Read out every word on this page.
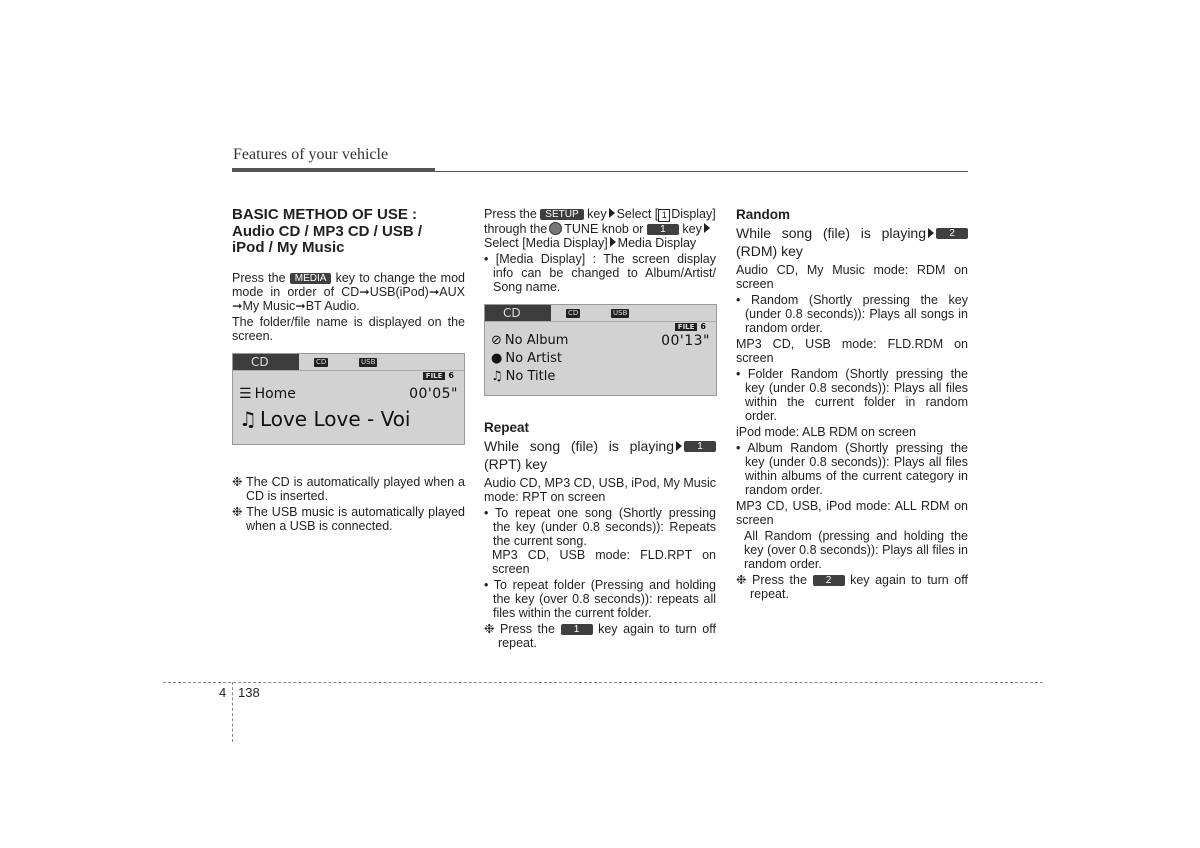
Features of your vehicle
BASIC METHOD OF USE :
Audio CD / MP3 CD / USB /
iPod / My Music

Press the MEDIA key to change the mod mode in order of CD➞USB(iPod)➞AUX ➞My Music➞BT Audio.

The folder/file name is displayed on the screen.

CD	CD	USB
FILE 6
00'05"
☰ Home
♫ Love Love - Voi

❉ The CD is automatically played when a CD is inserted.

❉ The USB music is automatically played when a USB is connected.

Press the SETUP key Select [ 1 Display]
through the TUNE knob or 1 key
Select [Media Display] Media Display

• [Media Display] : The screen display info can be changed to Album/Artist/ Song name.

CD	CD	USB
FILE 6
00'13"
⊘ No Album
● No Artist
♫ No Title
Repeat
While song (file) is playing	1
(RPT) key

Audio CD, MP3 CD, USB, iPod, My Music mode: RPT on screen

• To repeat one song (Shortly pressing the key (under 0.8 seconds)): Repeats the current song.

MP3 CD, USB mode: FLD.RPT on screen

• To repeat folder (Pressing and holding the key (over 0.8 seconds)): repeats all files within the current folder.

❉ Press the 1 key again to turn off repeat.

Random
While song (file) is playing	2
(RDM) key

Audio CD, My Music mode: RDM on screen

• Random (Shortly pressing the key (under 0.8 seconds)): Plays all songs in random order.

MP3 CD, USB mode: FLD.RDM on screen

• Folder Random (Shortly pressing the key (under 0.8 seconds)): Plays all files within the current folder in random order.

iPod mode: ALB RDM on screen

• Album Random (Shortly pressing the key (under 0.8 seconds)): Plays all files within albums of the current category in random order.

MP3 CD, USB, iPod mode: ALL RDM on screen

All Random (pressing and holding the key (over 0.8 seconds)): Plays all files in random order.

❉ Press the 2 key again to turn off repeat.

4 138
